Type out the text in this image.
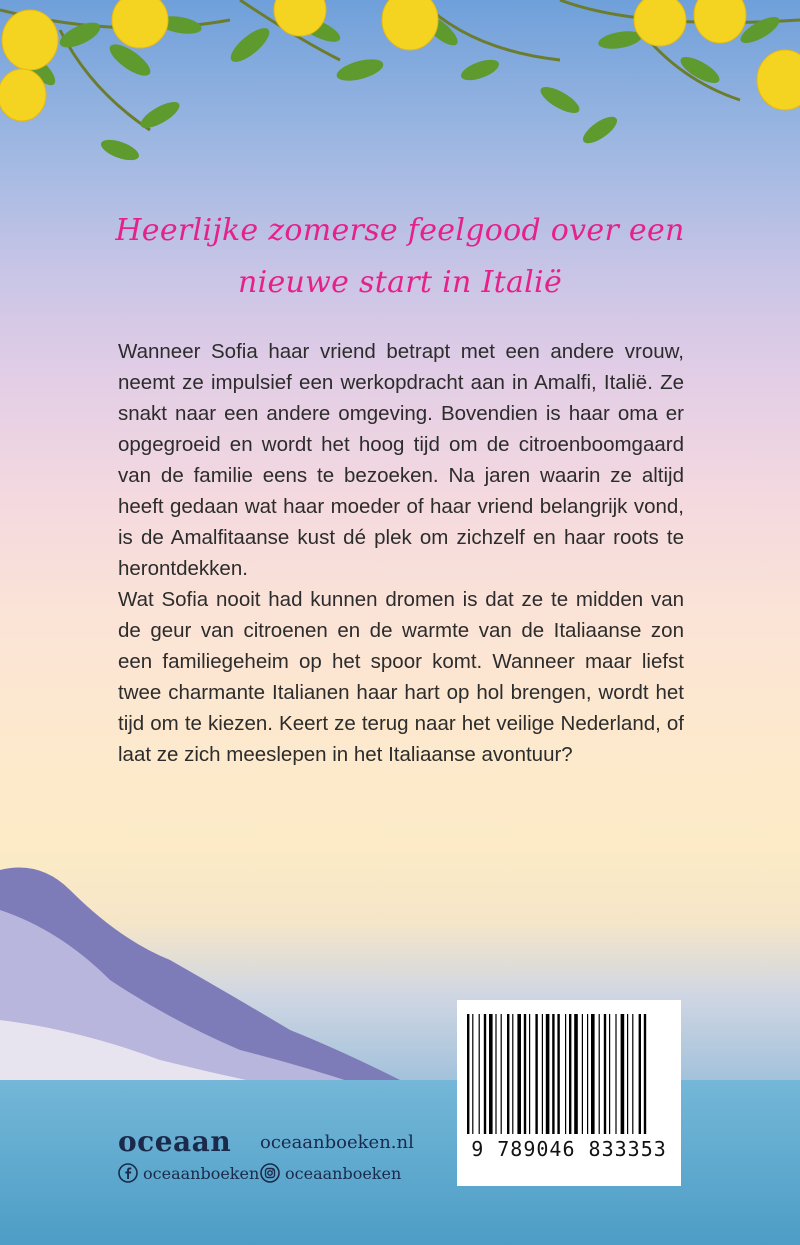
Heerlijke zomerse feelgood over een
nieuwe start in Italië

Wanneer Sofia haar vriend betrapt met een andere vrouw, neemt ze impulsief een werkopdracht aan in Amalfi, Italië. Ze snakt naar een andere omgeving. Bovendien is haar oma er opgegroeid en wordt het hoog tijd om de citroenboomgaard van de familie eens te bezoeken. Na jaren waarin ze altijd heeft gedaan wat haar moeder of haar vriend belangrijk vond, is de Amalfitaanse kust dé plek om zichzelf en haar roots te herontdekken.

Wat Sofia nooit had kunnen dromen is dat ze te midden van de geur van citroenen en de warmte van de Italiaanse zon een familiegeheim op het spoor komt. Wanneer maar liefst twee charmante Italianen haar hart op hol brengen, wordt het tijd om te kiezen. Keert ze terug naar het veilige Nederland, of laat ze zich meeslepen in het Italiaanse avontuur?

9 789046 833353
oceaan oceaanboeken.nl
oceaanboeken oceaanboeken
